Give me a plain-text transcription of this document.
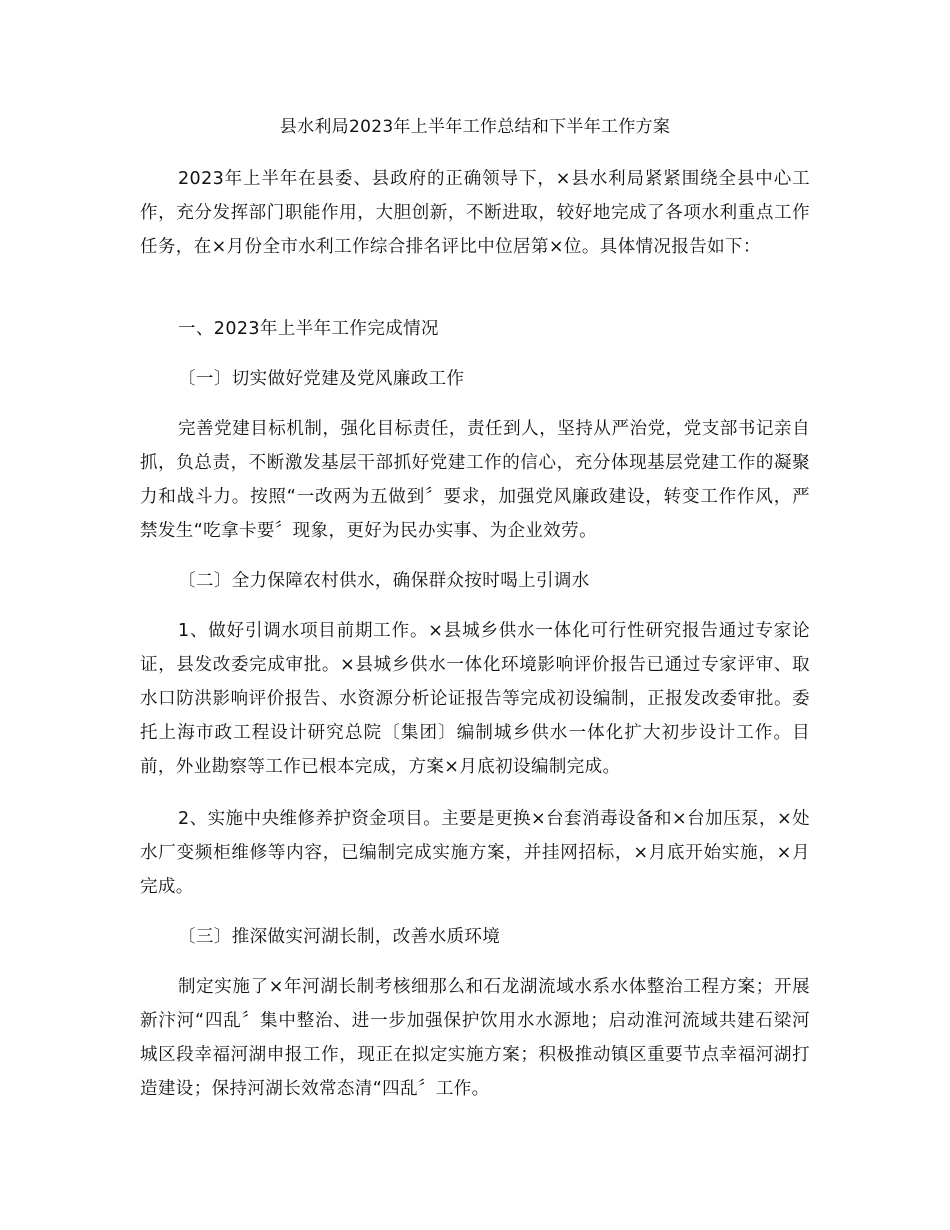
县水利局2023年上半年工作总结和下半年工作方案

2023年上半年在县委、县政府的正确领导下，×县水利局紧紧围绕全县中心工作，充分发挥部门职能作用，大胆创新，不断进取，较好地完成了各项水利重点工作任务，在×月份全市水利工作综合排名评比中位居第×位。具体情况报告如下：

一、2023年上半年工作完成情况

〔一〕切实做好党建及党风廉政工作

完善党建目标机制，强化目标责任，责任到人，坚持从严治党，党支部书记亲自抓，负总责，不断激发基层干部抓好党建工作的信心，充分体现基层党建工作的凝聚力和战斗力。按照“一改两为五做到〞要求，加强党风廉政建设，转变工作作风，严禁发生“吃拿卡要〞现象，更好为民办实事、为企业效劳。

〔二〕全力保障农村供水，确保群众按时喝上引调水

1、做好引调水项目前期工作。×县城乡供水一体化可行性研究报告通过专家论证，县发改委完成审批。×县城乡供水一体化环境影响评价报告已通过专家评审、取水口防洪影响评价报告、水资源分析论证报告等完成初设编制，正报发改委审批。委托上海市政工程设计研究总院〔集团〕编制城乡供水一体化扩大初步设计工作。目前，外业勘察等工作已根本完成，方案×月底初设编制完成。

2、实施中央维修养护资金项目。主要是更换×台套消毒设备和×台加压泵，×处水厂变频柜维修等内容，已编制完成实施方案，并挂网招标，×月底开始实施，×月完成。

〔三〕推深做实河湖长制，改善水质环境

制定实施了×年河湖长制考核细那么和石龙湖流域水系水体整治工程方案；开展新汴河“四乱〞集中整治、进一步加强保护饮用水水源地；启动淮河流域共建石梁河城区段幸福河湖申报工作，现正在拟定实施方案；积极推动镇区重要节点幸福河湖打造建设；保持河湖长效常态清“四乱〞工作。
